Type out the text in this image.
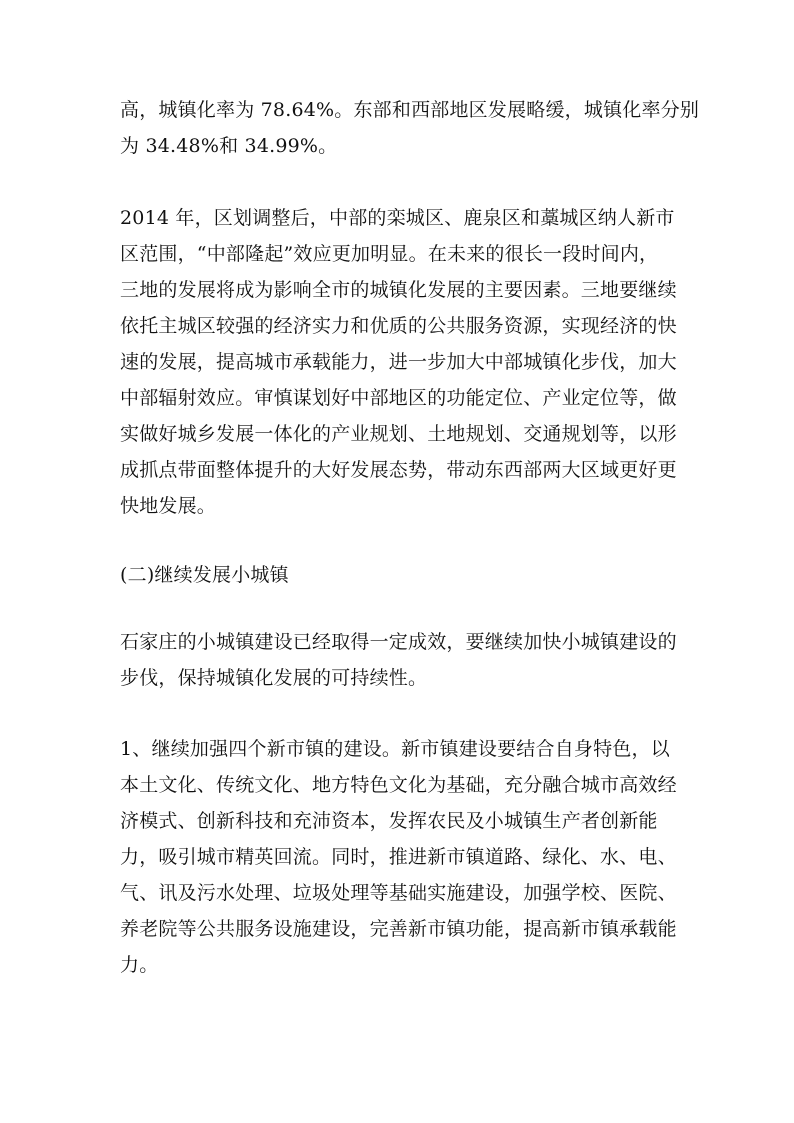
高，城镇化率为 78.64%。东部和西部地区发展略缓，城镇化率分别
为 34.48%和 34.99%。

2014 年，区划调整后，中部的栾城区、鹿泉区和藁城区纳人新市
区范围，“中部隆起”效应更加明显。在未来的很长一段时间内，
三地的发展将成为影响全市的城镇化发展的主要因素。三地要继续
依托主城区较强的经济实力和优质的公共服务资源，实现经济的快
速的发展，提高城市承载能力，进一步加大中部城镇化步伐，加大
中部辐射效应。审慎谋划好中部地区的功能定位、产业定位等，做
实做好城乡发展一体化的产业规划、土地规划、交通规划等，以形
成抓点带面整体提升的大好发展态势，带动东西部两大区域更好更
快地发展。

(二)继续发展小城镇

石家庄的小城镇建设已经取得一定成效，要继续加快小城镇建设的
步伐，保持城镇化发展的可持续性。

1、继续加强四个新市镇的建设。新市镇建设要结合自身特色，以
本土文化、传统文化、地方特色文化为基础，充分融合城市高效经
济模式、创新科技和充沛资本，发挥农民及小城镇生产者创新能
力，吸引城市精英回流。同时，推进新市镇道路、绿化、水、电、
气、讯及污水处理、垃圾处理等基础实施建设，加强学校、医院、
养老院等公共服务设施建设，完善新市镇功能，提高新市镇承载能
力。
